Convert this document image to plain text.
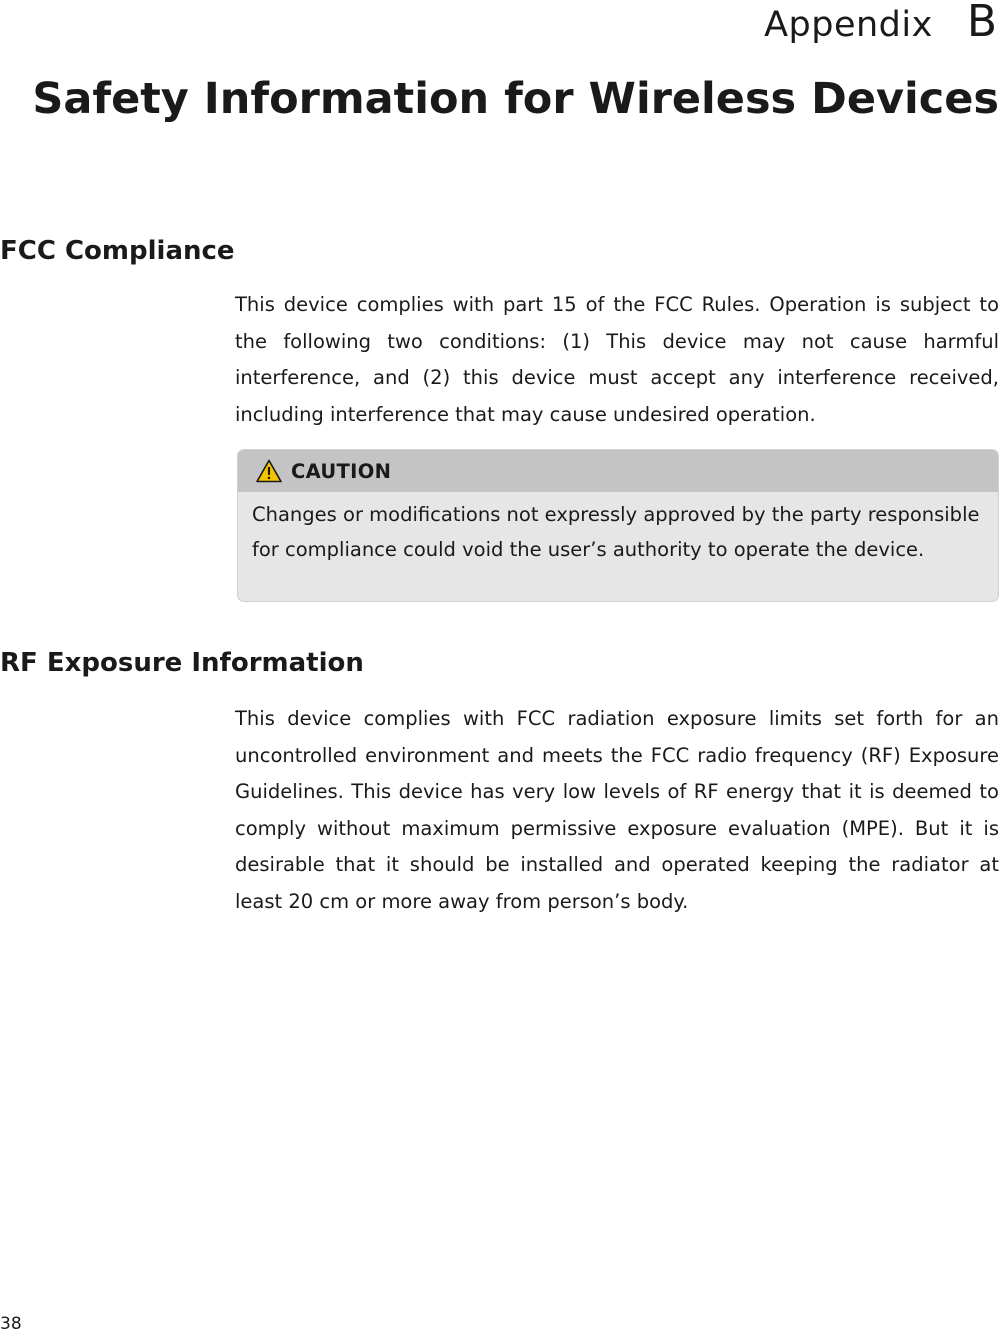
Appendix B
Safety Information for Wireless Devices
FCC Compliance

This device complies with part 15 of the FCC Rules. Operation is subject to the following two conditions: (1) This device may not cause harmful interference, and (2) this device must accept any interference received, including interference that may cause undesired operation.

CAUTION

Changes or modifications not expressly approved by the party responsible for compliance could void the user’s authority to operate the device.

RF Exposure Information

This device complies with FCC radiation exposure limits set forth for an uncontrolled environment and meets the FCC radio frequency (RF) Exposure Guidelines. This device has very low levels of RF energy that it is deemed to comply without maximum permissive exposure evaluation (MPE). But it is desirable that it should be installed and operated keeping the radiator at least 20 cm or more away from person’s body.

38
